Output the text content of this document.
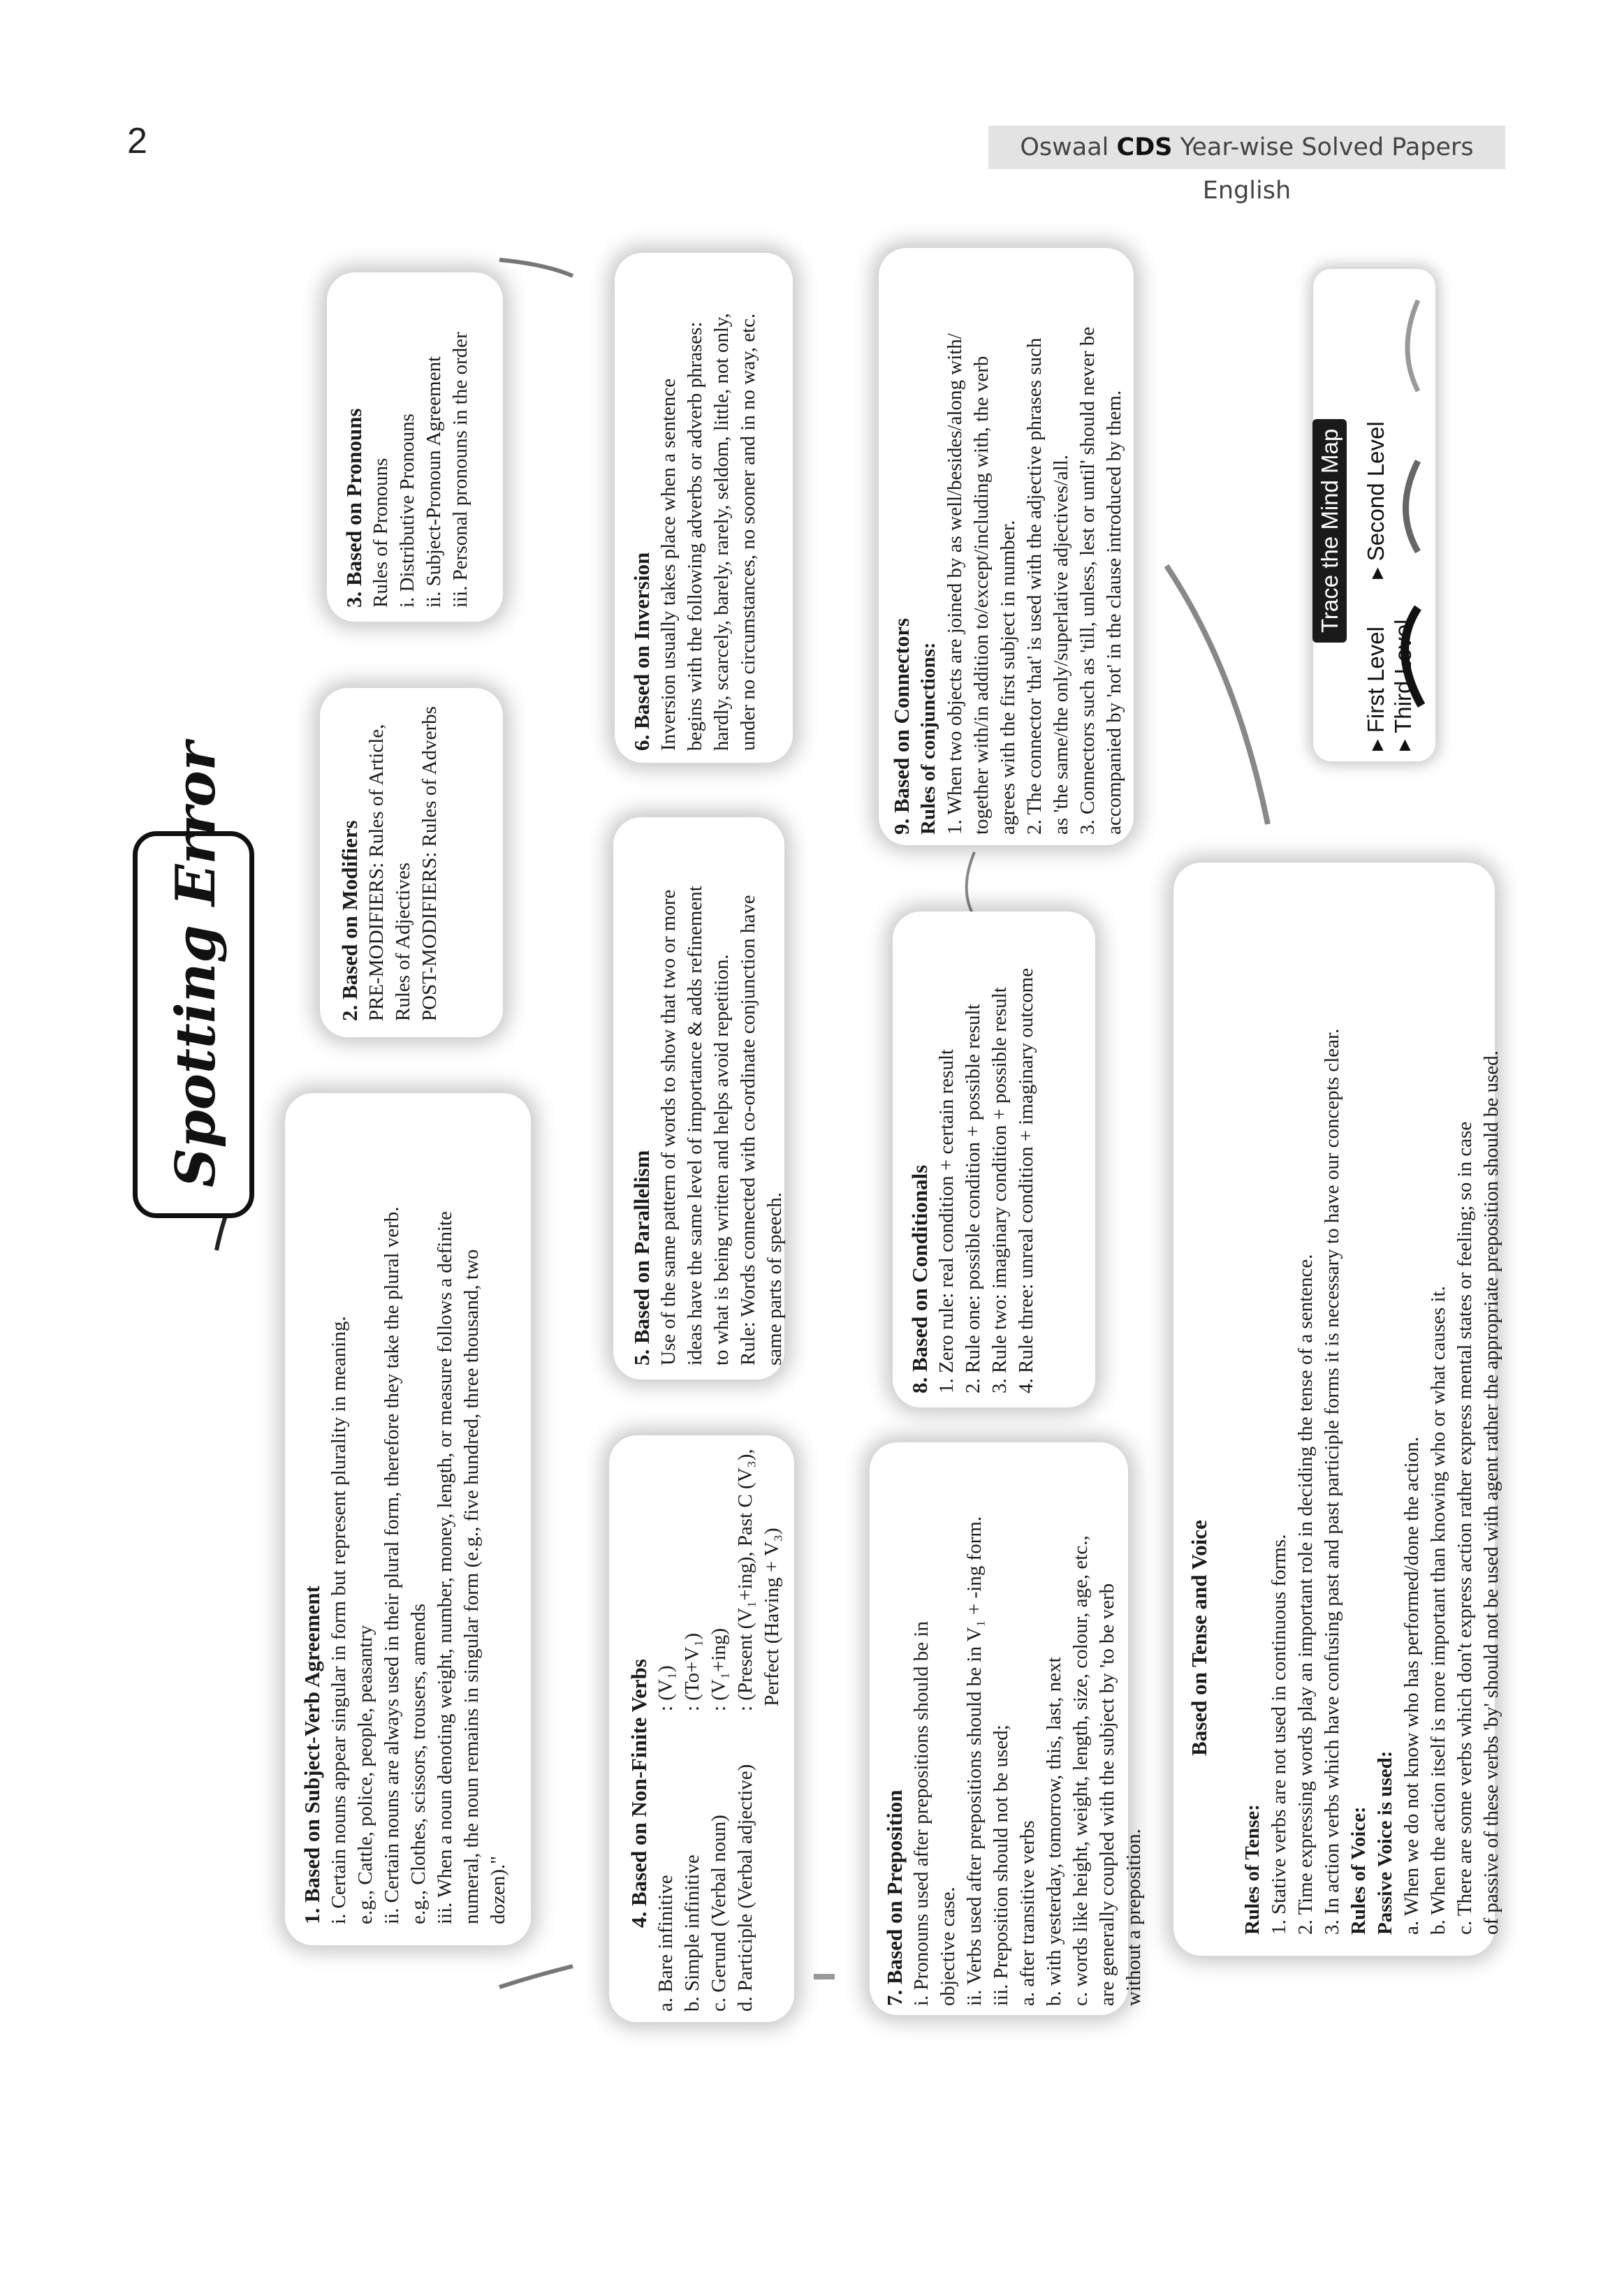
2	Oswaal CDS Year-wise Solved Papers English
Spotting Error
1. Based on Subject-Verb Agreement i. Certain nouns appear singular in form but represent plurality in meaning. e.g., Cattle, police, people, peasantry ii. Certain nouns are always used in their plural form, therefore they take the plural verb. e.g., Clothes, scissors, trousers, amends iii. When a noun denoting weight, number, money, length, or measure follows a definite numeral, the noun remains in singular form (e.g., five hundred, three thousand, two dozen)."
2. Based on Modifiers PRE-MODIFIERS: Rules of Article, Rules of Adjectives POST-MODIFIERS: Rules of Adverbs
3. Based on Pronouns Rules of Pronouns i. Distributive Pronouns ii. Subject-Pronoun Agreement iii. Personal pronouns in the order
4. Based on Non-Finite Verbs
a. Bare infinitive: (V₁)
b. Simple infinitive: (To+V₁)
c. Gerund (Verbal noun): (V₁+ing)
d. Participle (Verbal adjective): (Present (V₁+ing), Past C (V₃), Perfect (Having + V₃)
5. Based on Parallelism Use of the same pattern of words to show that two or more ideas have the same level of importance & adds refinement to what is being written and helps avoid repetition. Rule: Words connected with co-ordinate conjunction have same parts of speech.
6. Based on Inversion Inversion usually takes place when a sentence begins with the following adverbs or adverb phrases: hardly, scarcely, barely, rarely, seldom, little, not only, under no circumstances, no sooner and in no way, etc.
7. Based on Preposition i. Pronouns used after prepositions should be in objective case. ii. Verbs used after prepositions should be in V₁ + -ing form. iii. Preposition should not be used; a. after transitive verbs b. with yesterday, tomorrow, this, last, next c. words like height, weight, length, size, colour, age, etc., are generally coupled with the subject by 'to be verb without a preposition.
8. Based on Conditionals 1. Zero rule: real condition + certain result 2. Rule one: possible condition + possible result 3. Rule two: imaginary condition + possible result 4. Rule three: unreal condition + imaginary outcome
9. Based on Connectors Rules of conjunctions: 1. When two objects are joined by as well/besides/along with/ together with/in addition to/except/including with, the verb agrees with the first subject in number. 2. The connector 'that' is used with the adjective phrases such as 'the same/the only/superlative adjectives/all. 3. Connectors such as 'till, unless, lest or until' should never be accompanied by 'not' in the clause introduced by them.
Based on Tense and Voice
Rules of Tense: 1. Stative verbs are not used in continuous forms. 2. Time expressing words play an important role in deciding the tense of a sentence. 3. In action verbs which have confusing past and past participle forms it is necessary to have our concepts clear. Rules of Voice: Passive Voice is used: a. When we do not know who has performed/done the action. b. When the action itself is more important than knowing who or what causes it. c. There are some verbs which don't express action rather express mental states or feeling; so in case of passive of these verbs 'by' should not be used with agent rather the appropriate preposition should be used.
Trace the Mind Map
▸ First Level  ▸ Second Level  ▸ Third Level
